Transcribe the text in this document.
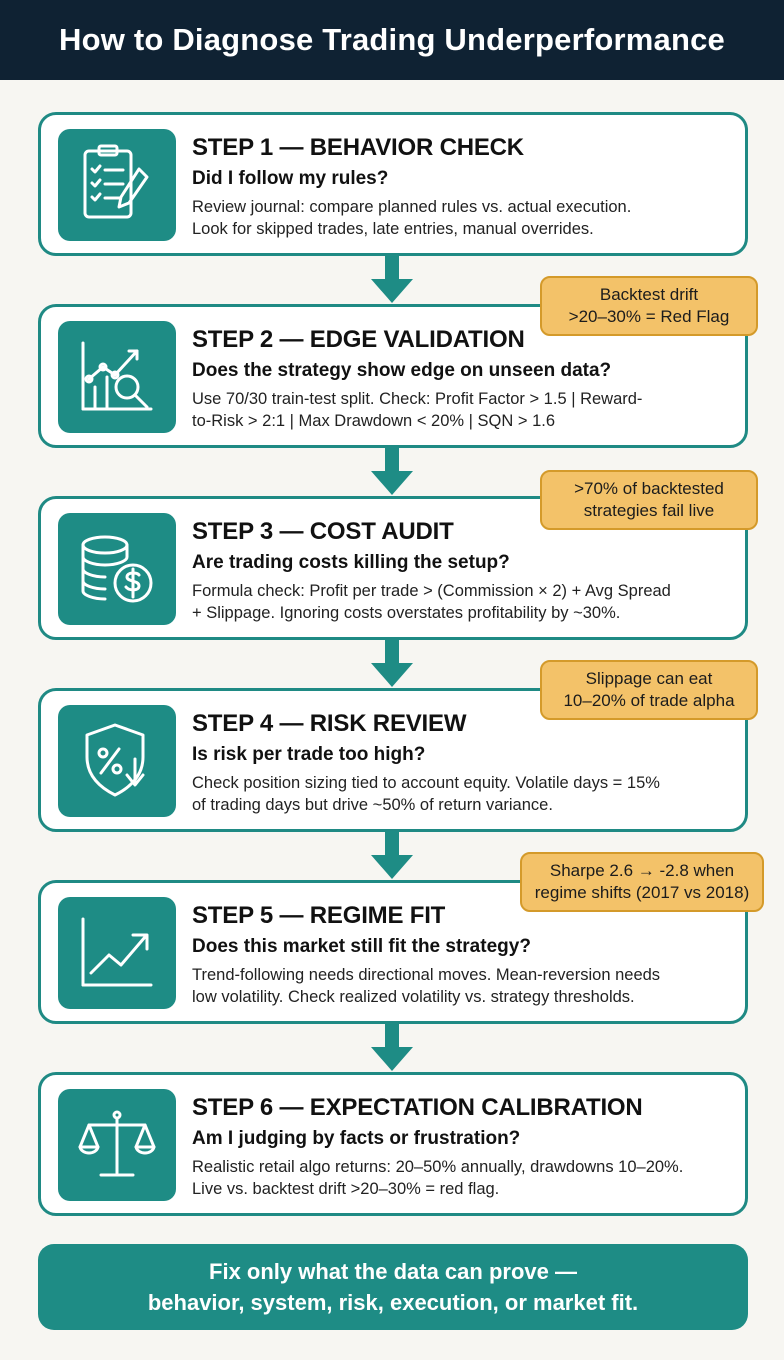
How to Diagnose Trading Underperformance
STEP 1 — BEHAVIOR CHECK
Did I follow my rules?
Review journal: compare planned rules vs. actual execution.
Look for skipped trades, late entries, manual overrides.
STEP 2 — EDGE VALIDATION
Does the strategy show edge on unseen data?
Use 70/30 train-test split. Check: Profit Factor > 1.5 | Reward-
to-Risk > 2:1 | Max Drawdown < 20% | SQN > 1.6
STEP 3 — COST AUDIT
Are trading costs killing the setup?
Formula check: Profit per trade > (Commission × 2) + Avg Spread
+ Slippage. Ignoring costs overstates profitability by ~30%.
STEP 4 — RISK REVIEW
Is risk per trade too high?
Check position sizing tied to account equity. Volatile days = 15%
of trading days but drive ~50% of return variance.
STEP 5 — REGIME FIT
Does this market still fit the strategy?
Trend-following needs directional moves. Mean-reversion needs
low volatility. Check realized volatility vs. strategy thresholds.
STEP 6 — EXPECTATION CALIBRATION
Am I judging by facts or frustration?
Realistic retail algo returns: 20–50% annually, drawdowns 10–20%.
Live vs. backtest drift >20–30% = red flag.
Backtest drift
>20–30% = Red Flag
>70% of backtested
strategies fail live
Slippage can eat
10–20% of trade alpha
Sharpe 2.6 → -2.8 when
regime shifts (2017 vs 2018)
Fix only what the data can prove —
behavior, system, risk, execution, or market fit.
